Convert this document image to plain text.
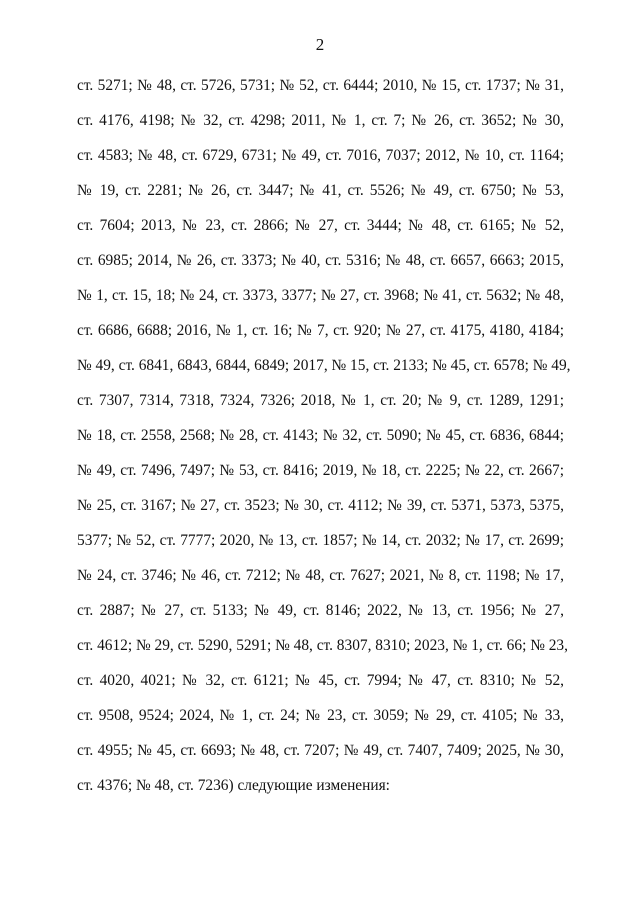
2
ст. 5271; № 48, ст. 5726, 5731; № 52, ст. 6444; 2010, № 15, ст. 1737; № 31,
ст. 4176, 4198; № 32, ст. 4298; 2011, № 1, ст. 7; № 26, ст. 3652; № 30,
ст. 4583; № 48, ст. 6729, 6731; № 49, ст. 7016, 7037; 2012, № 10, ст. 1164;
№ 19, ст. 2281; № 26, ст. 3447; № 41, ст. 5526; № 49, ст. 6750; № 53,
ст. 7604; 2013, № 23, ст. 2866; № 27, ст. 3444; № 48, ст. 6165; № 52,
ст. 6985; 2014, № 26, ст. 3373; № 40, ст. 5316; № 48, ст. 6657, 6663; 2015,
№ 1, ст. 15, 18; № 24, ст. 3373, 3377; № 27, ст. 3968; № 41, ст. 5632; № 48,
ст. 6686, 6688; 2016, № 1, ст. 16; № 7, ст. 920; № 27, ст. 4175, 4180, 4184;
№ 49, ст. 6841, 6843, 6844, 6849; 2017, № 15, ст. 2133; № 45, ст. 6578; № 49,
ст. 7307, 7314, 7318, 7324, 7326; 2018, № 1, ст. 20; № 9, ст. 1289, 1291;
№ 18, ст. 2558, 2568; № 28, ст. 4143; № 32, ст. 5090; № 45, ст. 6836, 6844;
№ 49, ст. 7496, 7497; № 53, ст. 8416; 2019, № 18, ст. 2225; № 22, ст. 2667;
№ 25, ст. 3167; № 27, ст. 3523; № 30, ст. 4112; № 39, ст. 5371, 5373, 5375,
5377; № 52, ст. 7777; 2020, № 13, ст. 1857; № 14, ст. 2032; № 17, ст. 2699;
№ 24, ст. 3746; № 46, ст. 7212; № 48, ст. 7627; 2021, № 8, ст. 1198; № 17,
ст. 2887; № 27, ст. 5133; № 49, ст. 8146; 2022, № 13, ст. 1956; № 27,
ст. 4612; № 29, ст. 5290, 5291; № 48, ст. 8307, 8310; 2023, № 1, ст. 66; № 23,
ст. 4020, 4021; № 32, ст. 6121; № 45, ст. 7994; № 47, ст. 8310; № 52,
ст. 9508, 9524; 2024, № 1, ст. 24; № 23, ст. 3059; № 29, ст. 4105; № 33,
ст. 4955; № 45, ст. 6693; № 48, ст. 7207; № 49, ст. 7407, 7409; 2025, № 30,
ст. 4376; № 48, ст. 7236) следующие изменения:
